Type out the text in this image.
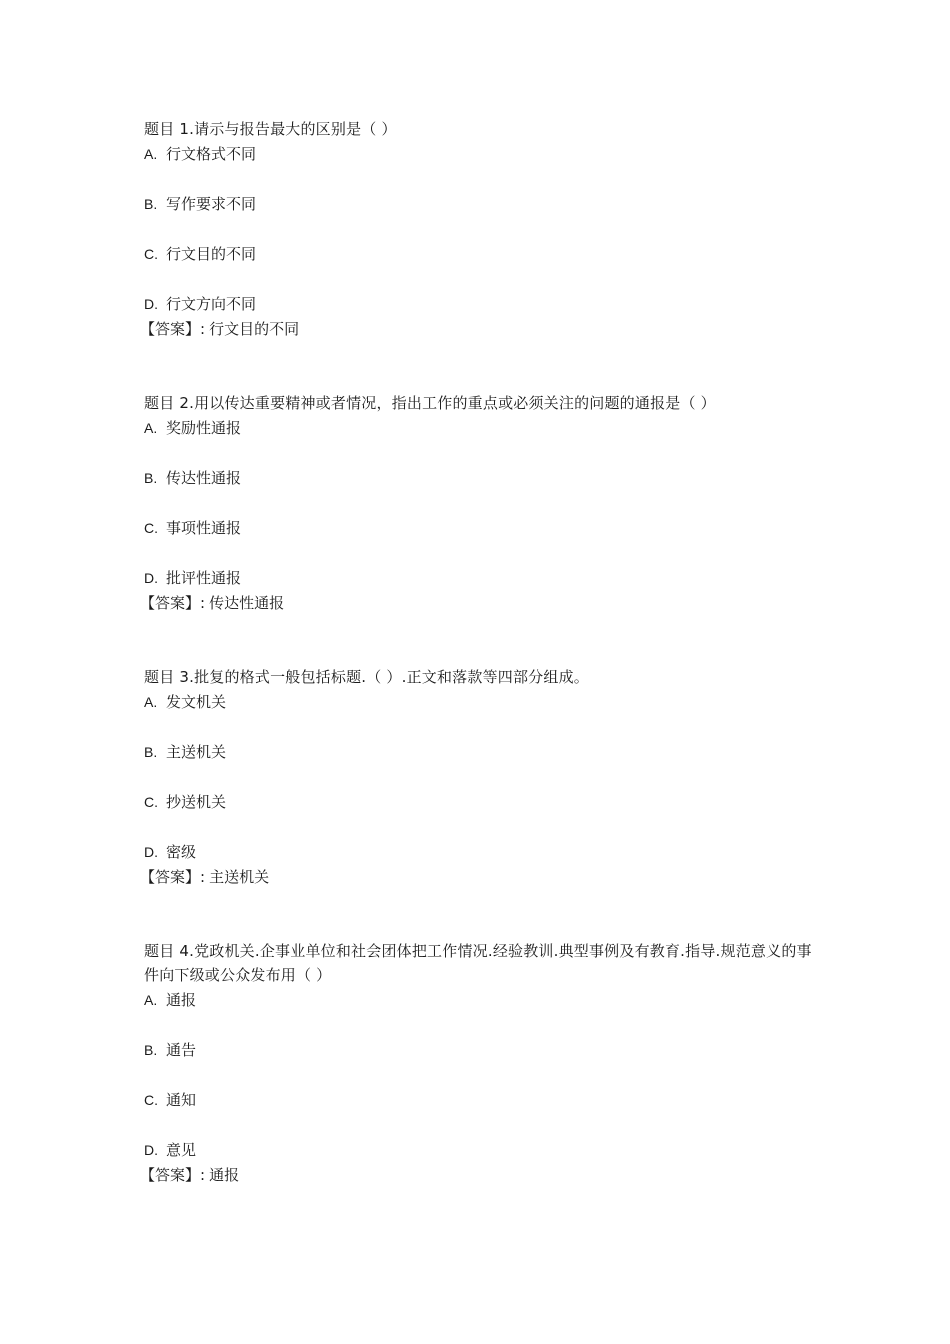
题目 1.请示与报告最大的区别是（ ）
A. 行文格式不同
B. 写作要求不同
C. 行文目的不同
D. 行文方向不同
【答案】: 行文目的不同
题目 2.用以传达重要精神或者情况，指出工作的重点或必须关注的问题的通报是（ ）
A. 奖励性通报
B. 传达性通报
C. 事项性通报
D. 批评性通报
【答案】: 传达性通报
题目 3.批复的格式一般包括标题.（ ）.正文和落款等四部分组成。
A. 发文机关
B. 主送机关
C. 抄送机关
D. 密级
【答案】: 主送机关
题目 4.党政机关.企事业单位和社会团体把工作情况.经验教训.典型事例及有教育.指导.规范意义的事件向下级或公众发布用（ ）
A. 通报
B. 通告
C. 通知
D. 意见
【答案】: 通报
